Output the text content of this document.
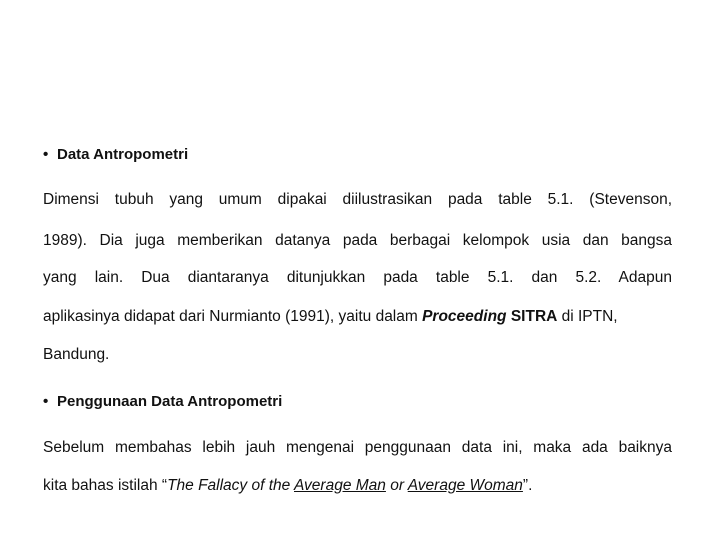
• Data Antropometri
Dimensi tubuh yang umum dipakai diilustrasikan pada table 5.1. (Stevenson,
1989). Dia juga memberikan datanya pada berbagai kelompok usia dan bangsa
yang lain. Dua diantaranya ditunjukkan pada table 5.1. dan 5.2. Adapun
aplikasinya didapat dari Nurmianto (1991), yaitu dalam Proceeding SITRA di IPTN,
Bandung.
• Penggunaan Data Antropometri
Sebelum membahas lebih jauh mengenai penggunaan data ini, maka ada baiknya
kita bahas istilah “The Fallacy of the Average Man or Average Woman”.
